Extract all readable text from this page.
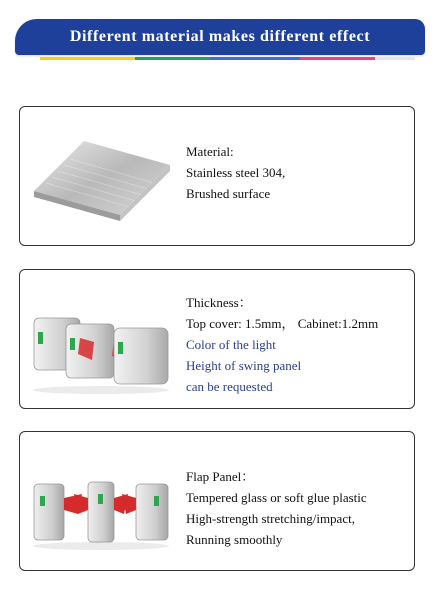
Different material makes different effect
Material:
Stainless steel 304,
Brushed surface
Thickness：
Top cover: 1.5mm， Cabinet:1.2mm
Color of the light
Height of swing panel
can be requested
Flap Panel：
Tempered glass or soft glue plastic
High-strength stretching/impact,
Running smoothly
